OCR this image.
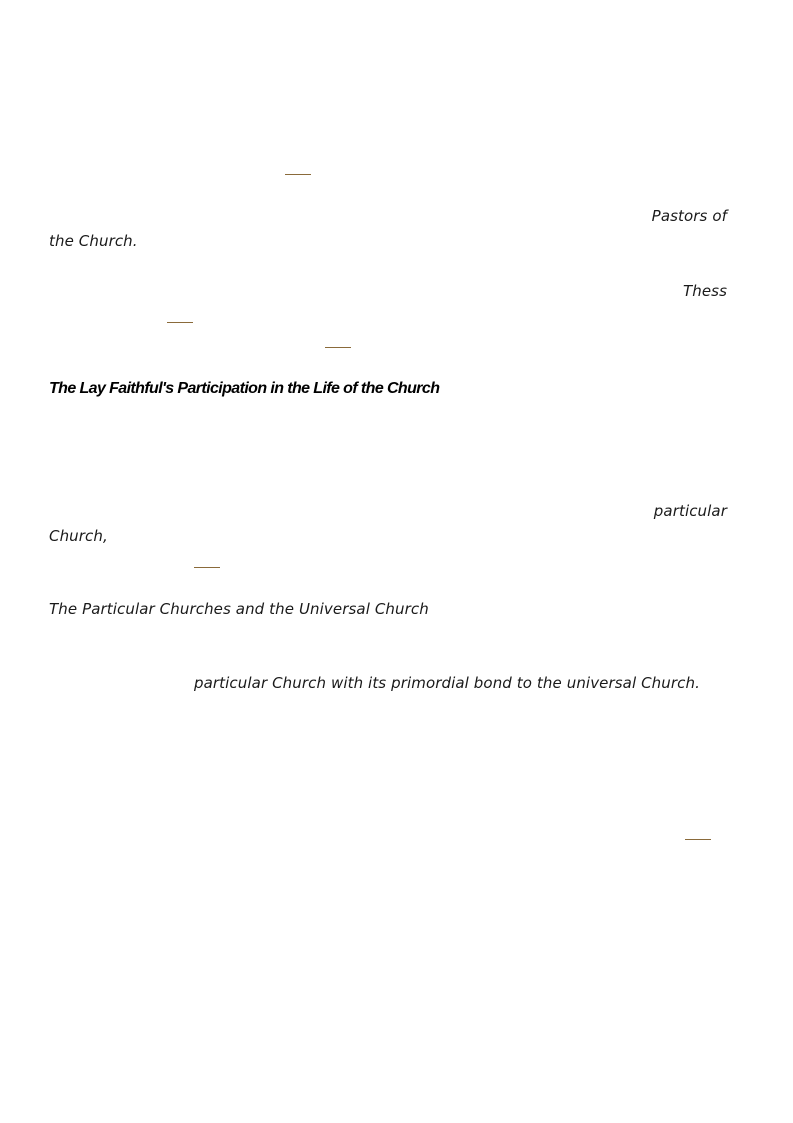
Pastors of
the Church.
Thess
The Lay Faithful's Participation in the Life of the Church
particular
Church,
The Particular Churches and the Universal Church
particular Church with its primordial bond to the universal Church.
